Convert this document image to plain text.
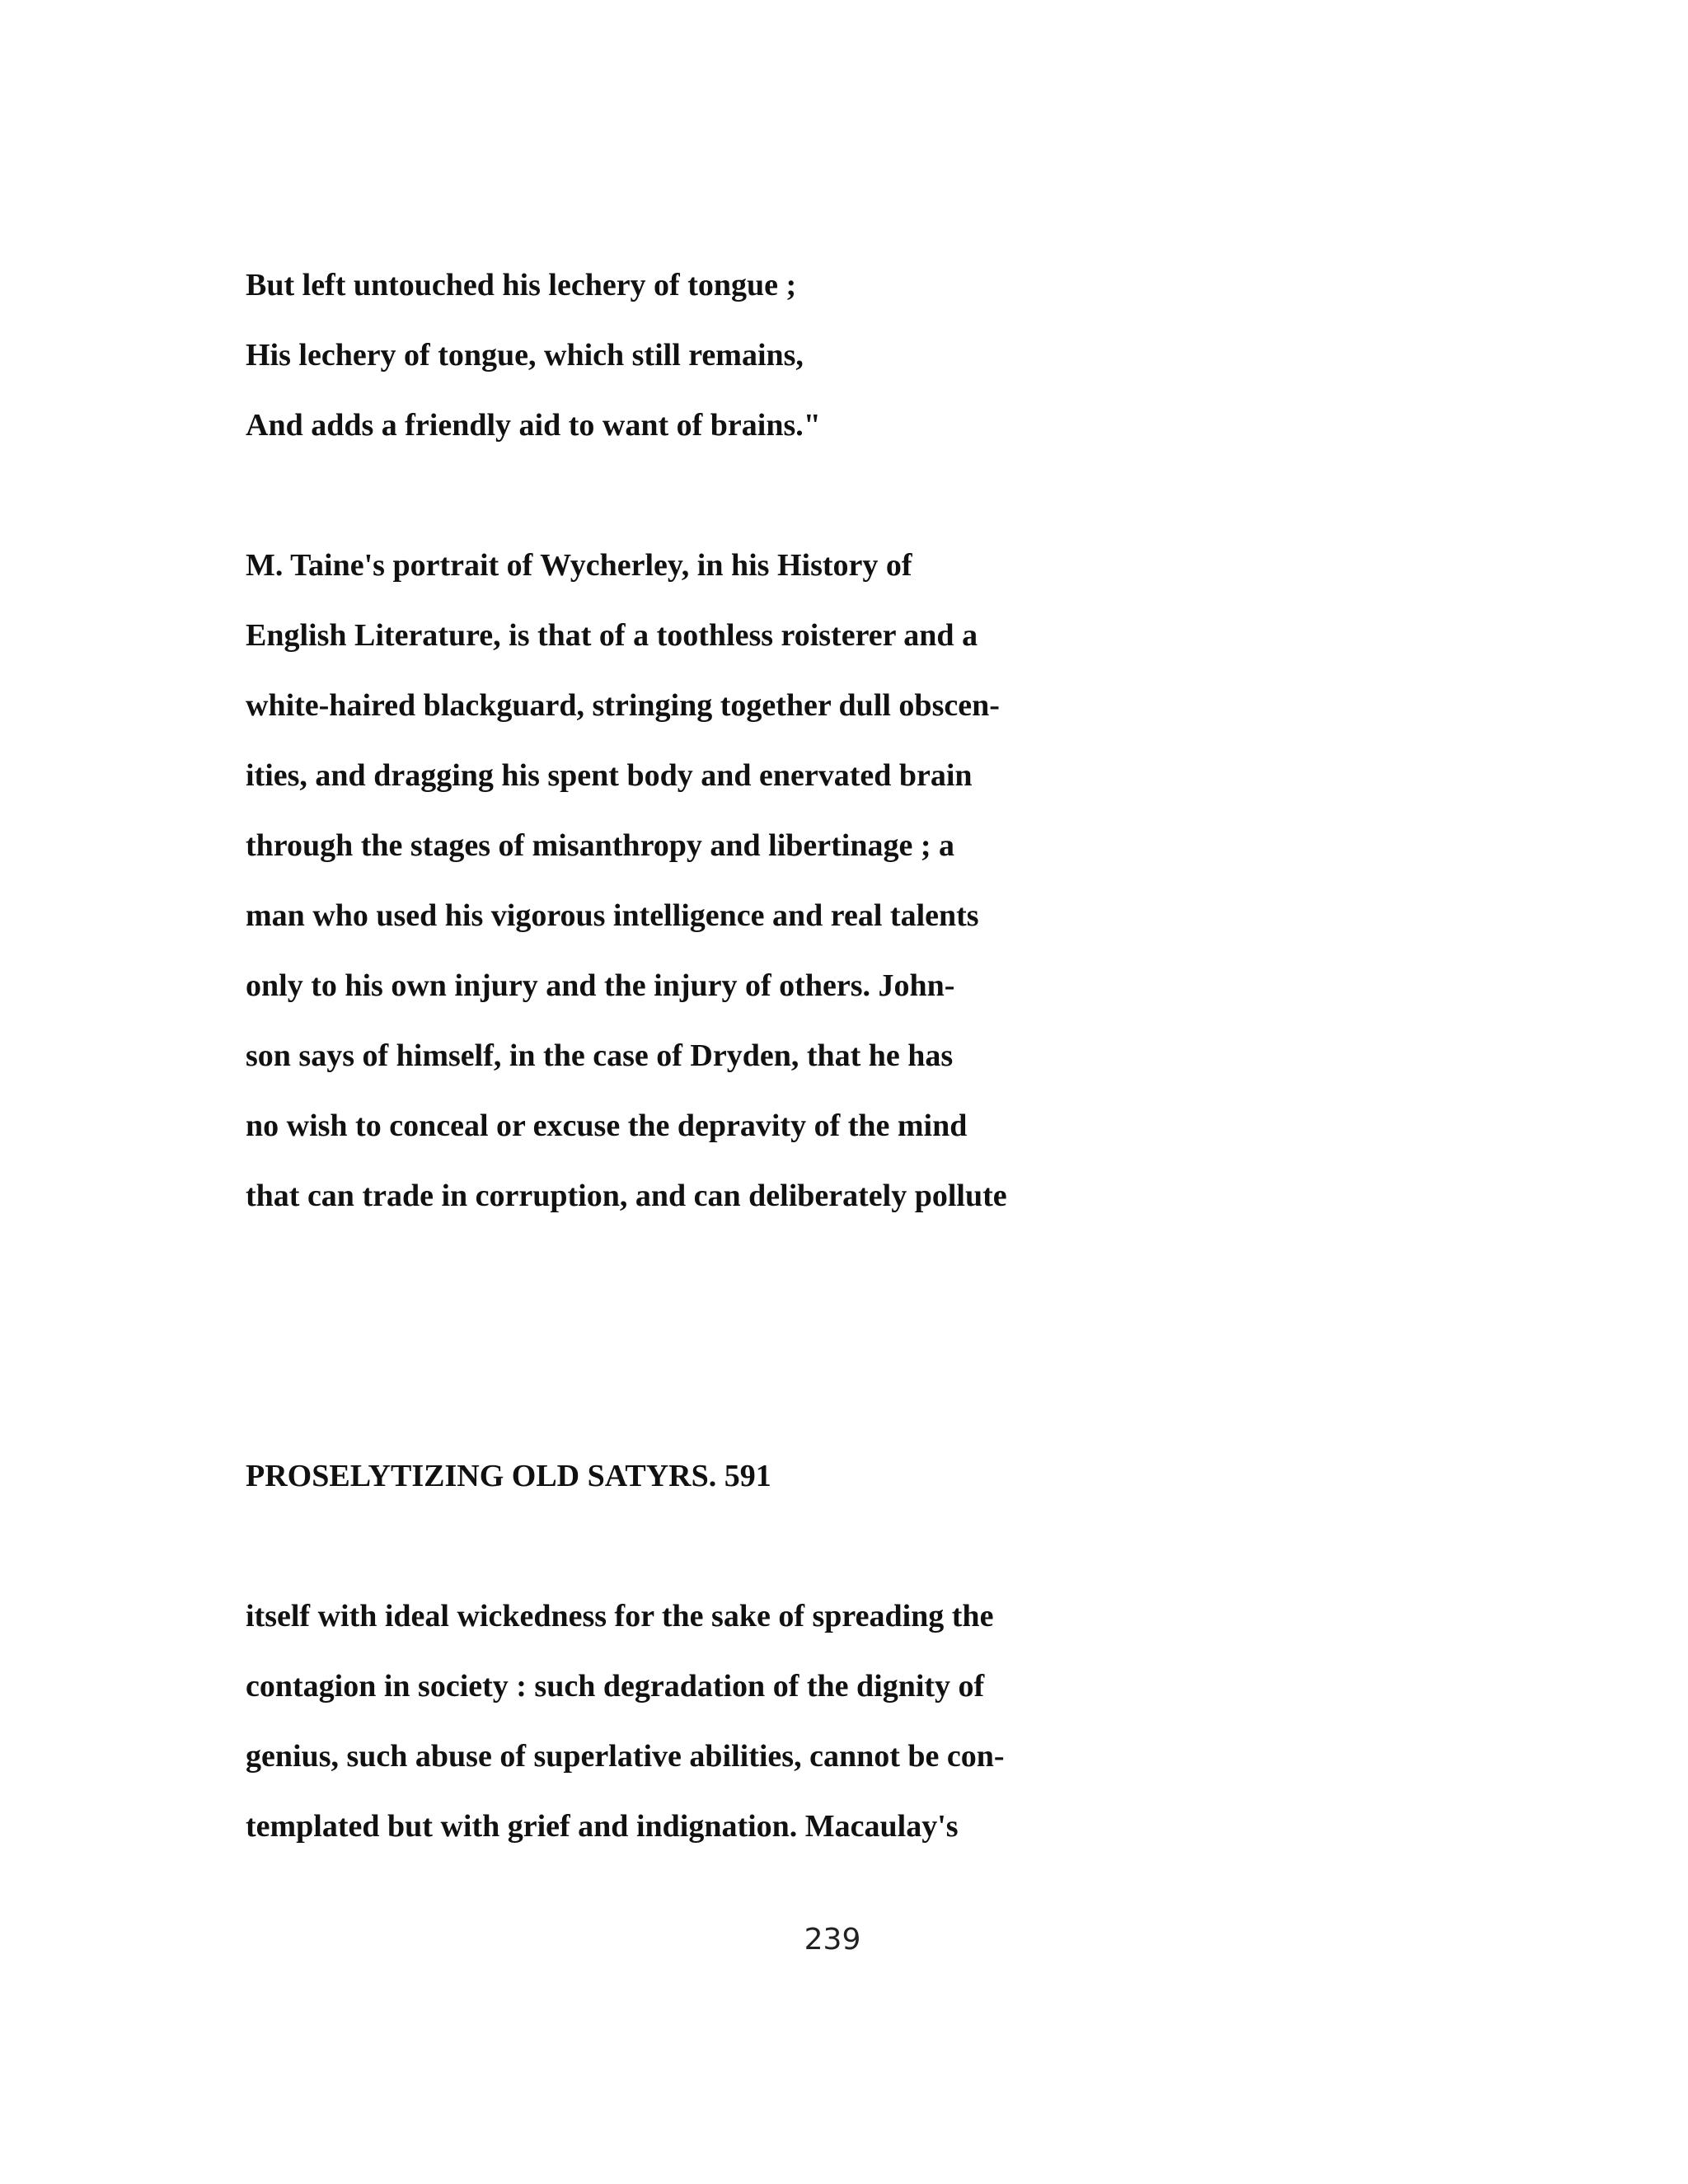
But left untouched his lechery of tongue ;
His lechery of tongue, which still remains,
And adds a friendly aid to want of brains."
M. Taine's portrait of Wycherley, in his History of
English Literature, is that of a toothless roisterer and a
white-haired blackguard, stringing together dull obscen-
ities, and dragging his spent body and enervated brain
through the stages of misanthropy and libertinage ; a
man who used his vigorous intelligence and real talents
only to his own injury and the injury of others. John-
son says of himself, in the case of Dryden, that he has
no wish to conceal or excuse the depravity of the mind
that can trade in corruption, and can deliberately pollute
PROSELYTIZING OLD SATYRS. 591
itself with ideal wickedness for the sake of spreading the
contagion in society : such degradation of the dignity of
genius, such abuse of superlative abilities, cannot be con-
templated but with grief and indignation. Macaulay's
239
